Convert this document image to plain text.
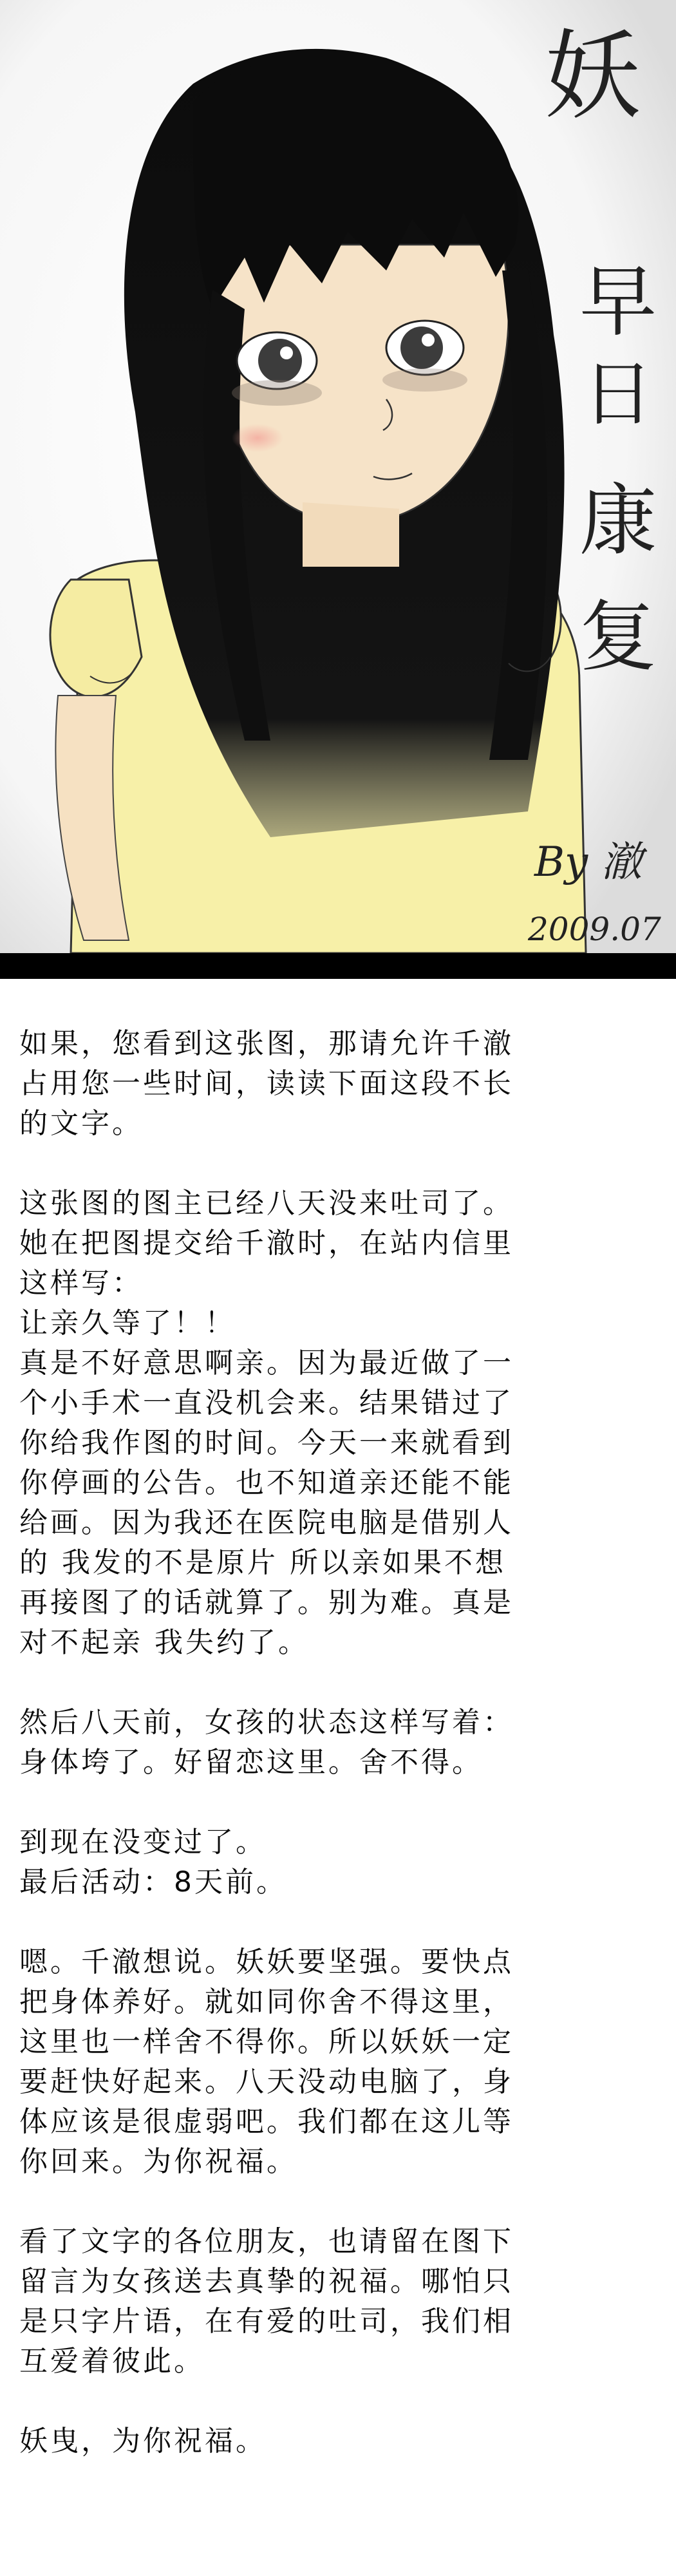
妖
早
日
康
复
By 澈
2009.07
如果，您看到这张图，那请允许千澈
占用您一些时间，读读下面这段不长
的文字。
这张图的图主已经八天没来吐司了。
她在把图提交给千澈时，在站内信里
这样写：
让亲久等了！！
真是不好意思啊亲。因为最近做了一
个小手术一直没机会来。结果错过了
你给我作图的时间。今天一来就看到
你停画的公告。也不知道亲还能不能
给画。因为我还在医院电脑是借别人
的 我发的不是原片 所以亲如果不想
再接图了的话就算了。别为难。真是
对不起亲 我失约了。
然后八天前，女孩的状态这样写着：
身体垮了。好留恋这里。舍不得。
到现在没变过了。
最后活动：8天前。
嗯。千澈想说。妖妖要坚强。要快点
把身体养好。就如同你舍不得这里，
这里也一样舍不得你。所以妖妖一定
要赶快好起来。八天没动电脑了，身
体应该是很虚弱吧。我们都在这儿等
你回来。为你祝福。
看了文字的各位朋友，也请留在图下
留言为女孩送去真挚的祝福。哪怕只
是只字片语，在有爱的吐司，我们相
互爱着彼此。
妖曳，为你祝福。
